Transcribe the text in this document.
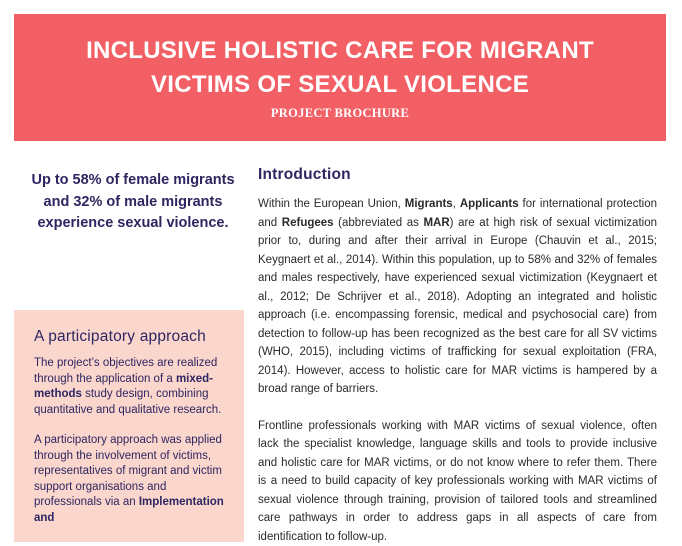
INCLUSIVE HOLISTIC CARE FOR MIGRANT VICTIMS OF SEXUAL VIOLENCE
PROJECT BROCHURE
Up to 58% of female migrants and 32% of male migrants experience sexual violence.
A participatory approach

The project’s objectives are realized through the application of a mixed-methods study design, combining quantitative and qualitative research.

A participatory approach was applied through the involvement of victims, representatives of migrant and victim support organisations and professionals via an Implementation and

Introduction

Within the European Union, Migrants, Applicants for international protection and Refugees (abbreviated as MAR) are at high risk of sexual victimization prior to, during and after their arrival in Europe (Chauvin et al., 2015; Keygnaert et al., 2014). Within this population, up to 58% and 32% of females and males respectively, have experienced sexual victimization (Keygnaert et al., 2012; De Schrijver et al., 2018). Adopting an integrated and holistic approach (i.e. encompassing forensic, medical and psychosocial care) from detection to follow-up has been recognized as the best care for all SV victims (WHO, 2015), including victims of trafficking for sexual exploitation (FRA, 2014). However, access to holistic care for MAR victims is hampered by a broad range of barriers.

Frontline professionals working with MAR victims of sexual violence, often lack the specialist knowledge, language skills and tools to provide inclusive and holistic care for MAR victims, or do not know where to refer them. There is a need to build capacity of key professionals working with MAR victims of sexual violence through training, provision of tailored tools and streamlined care pathways in order to address gaps in all aspects of care from identification to follow-up.
